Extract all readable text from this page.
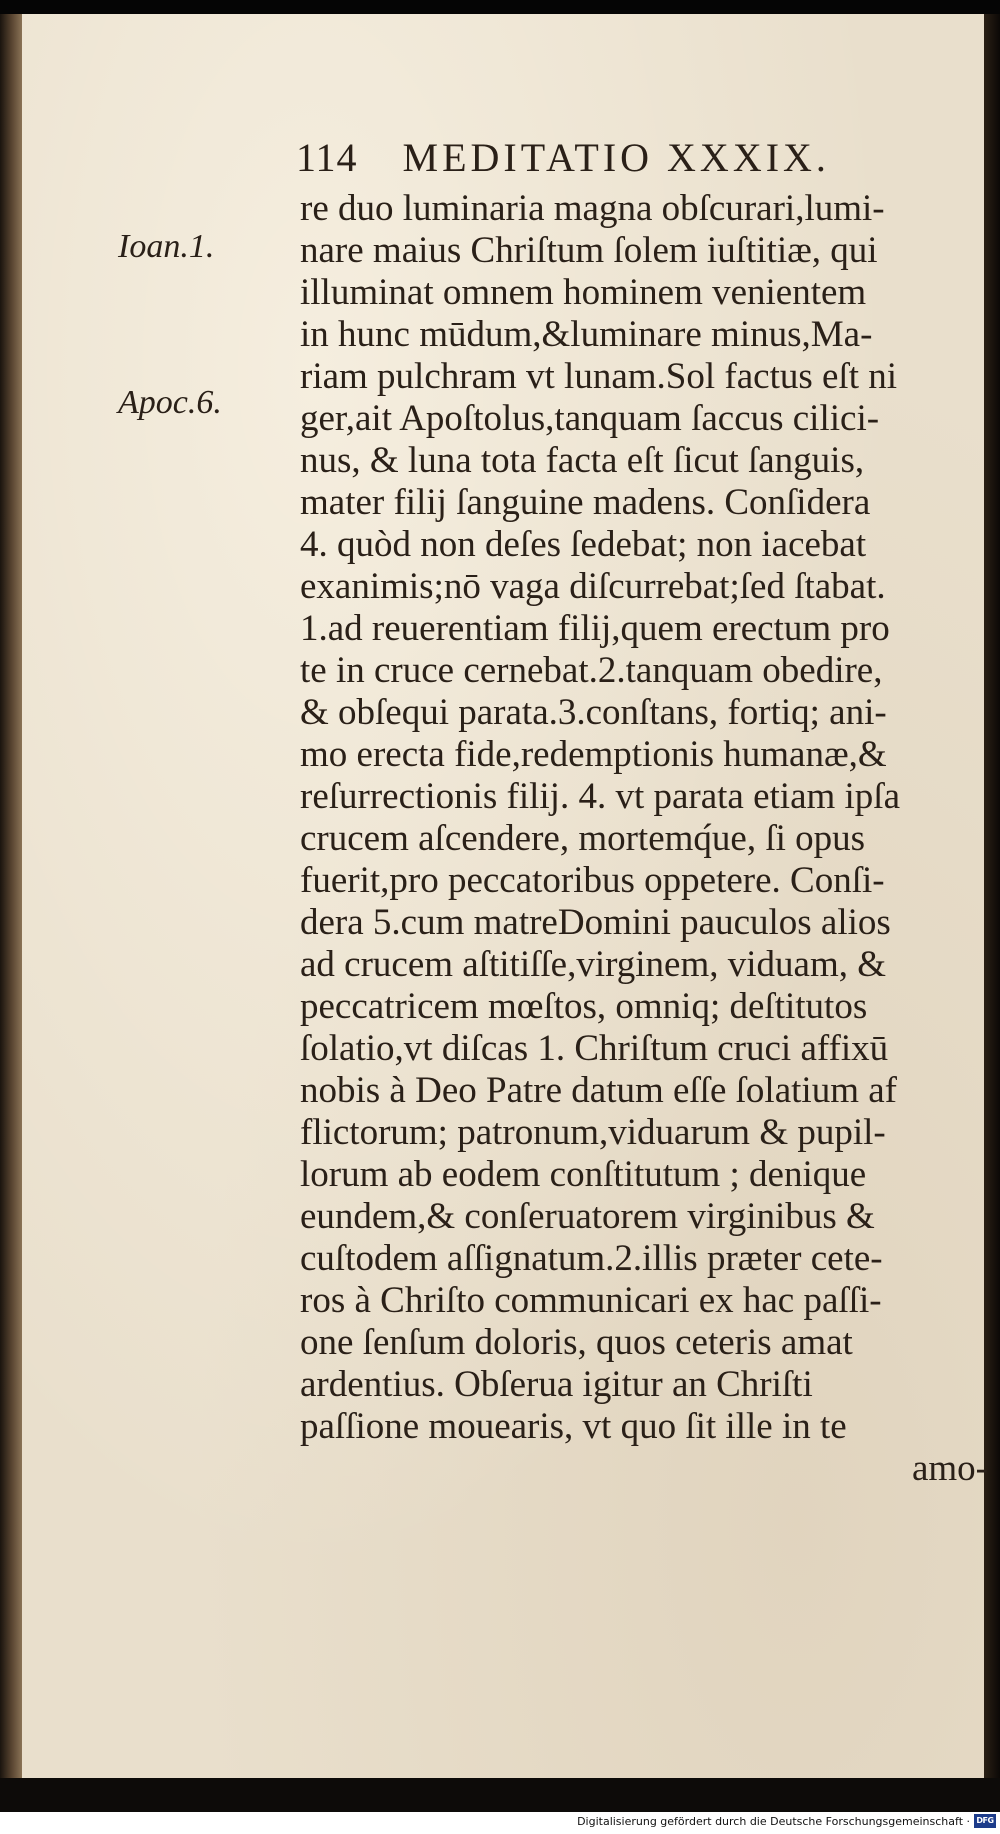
114 MEDITATIO XXXIX.
Ioan.1.
Apoc.6.
re duo luminaria magna obſcurari,lumi-
nare maius Chriſtum ſolem iuſtitiæ, qui
illuminat omnem hominem venientem
in hunc mūdum,&luminare minus,Ma-
riam pulchram vt lunam.Sol factus eſt ni
ger,ait Apoſtolus,tanquam ſaccus cilici-
nus, & luna tota facta eſt ſicut ſanguis,
mater filij ſanguine madens. Conſidera
4. quòd non deſes ſedebat; non iacebat
exanimis;nō vaga diſcurrebat;ſed ſtabat.
1.ad reuerentiam filij,quem erectum pro
te in cruce cernebat.2.tanquam obedire,
& obſequi parata.3.conſtans, fortiq; ani-
mo erecta fide,redemptionis humanæ,&
reſurrectionis filij. 4. vt parata etiam ipſa
crucem aſcendere, mortemq́ue, ſi opus
fuerit,pro peccatoribus oppetere. Conſi-
dera 5.cum matreDomini pauculos alios
ad crucem aſtitiſſe,virginem, viduam, &
peccatricem mœſtos, omniq; deſtitutos
ſolatio,vt diſcas 1. Chriſtum cruci affixū
nobis à Deo Patre datum eſſe ſolatium af
flictorum; patronum,viduarum & pupil-
lorum ab eodem conſtitutum ; denique
eundem,& conſeruatorem virginibus &
cuſtodem aſſignatum.2.illis præter cete-
ros à Chriſto communicari ex hac paſſi-
one ſenſum doloris, quos ceteris amat
ardentius. Obſerua igitur an Chriſti
paſſione mouearis, vt quo ſit ille in te
amo-
Digitalisierung gefördert durch die Deutsche Forschungsgemeinschaft · DFG
